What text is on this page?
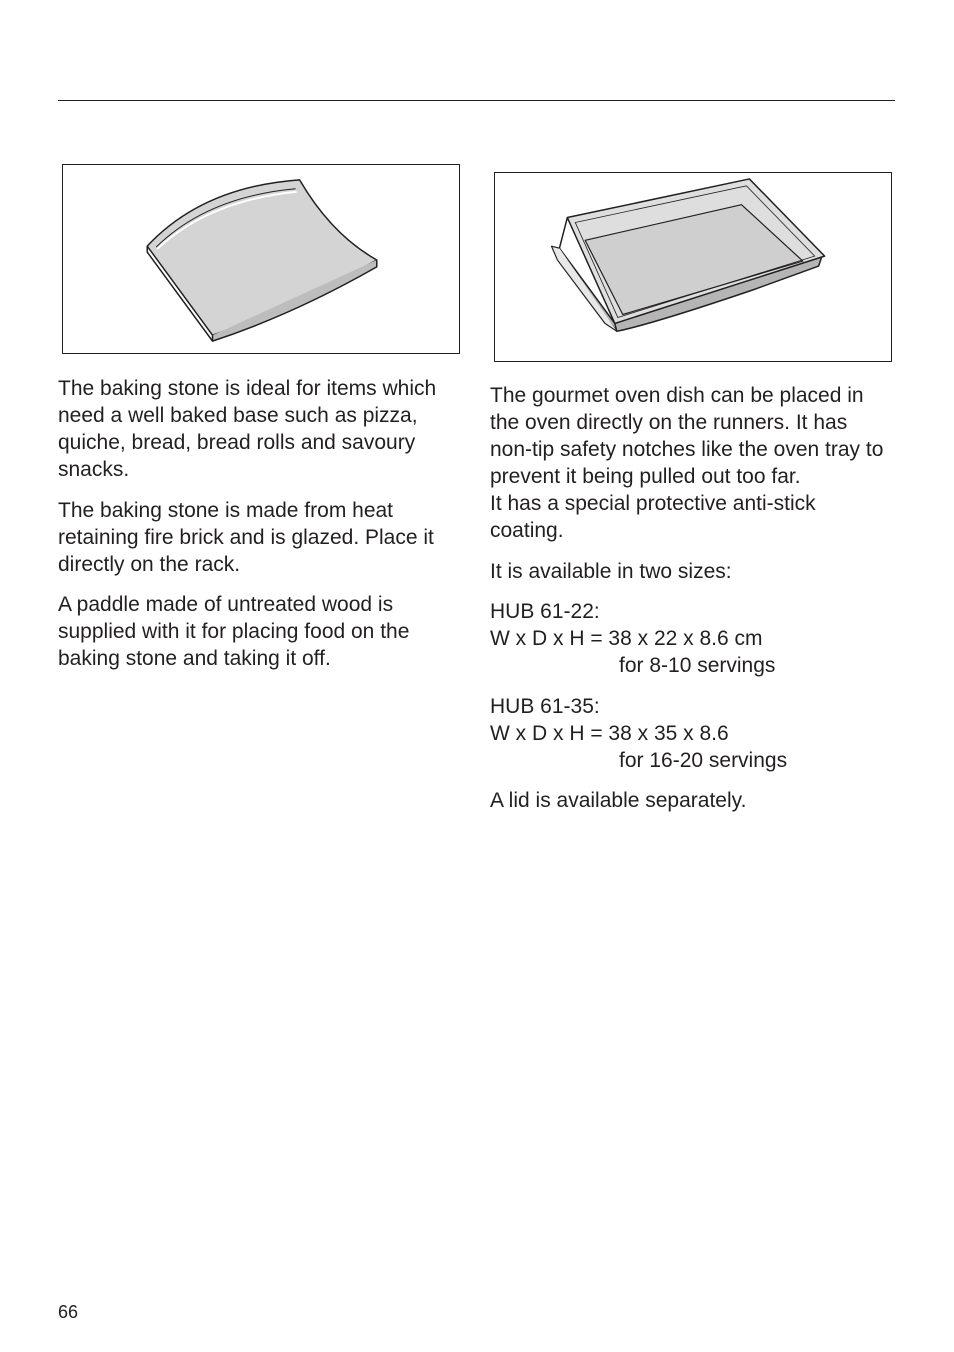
The baking stone is ideal for items which need a well baked base such as pizza, quiche, bread, bread rolls and savoury snacks.

The baking stone is made from heat retaining fire brick and is glazed. Place it directly on the rack.

A paddle made of untreated wood is supplied with it for placing food on the baking stone and taking it off.

The gourmet oven dish can be placed in the oven directly on the runners. It has non-tip safety notches like the oven tray to prevent it being pulled out too far.
It has a special protective anti-stick coating.

It is available in two sizes:

HUB 61-22:
W x D x H = 38 x 22 x 8.6 cm
for 8-10 servings

HUB 61-35:
W x D x H = 38 x 35 x 8.6
for 16-20 servings

A lid is available separately.

66
